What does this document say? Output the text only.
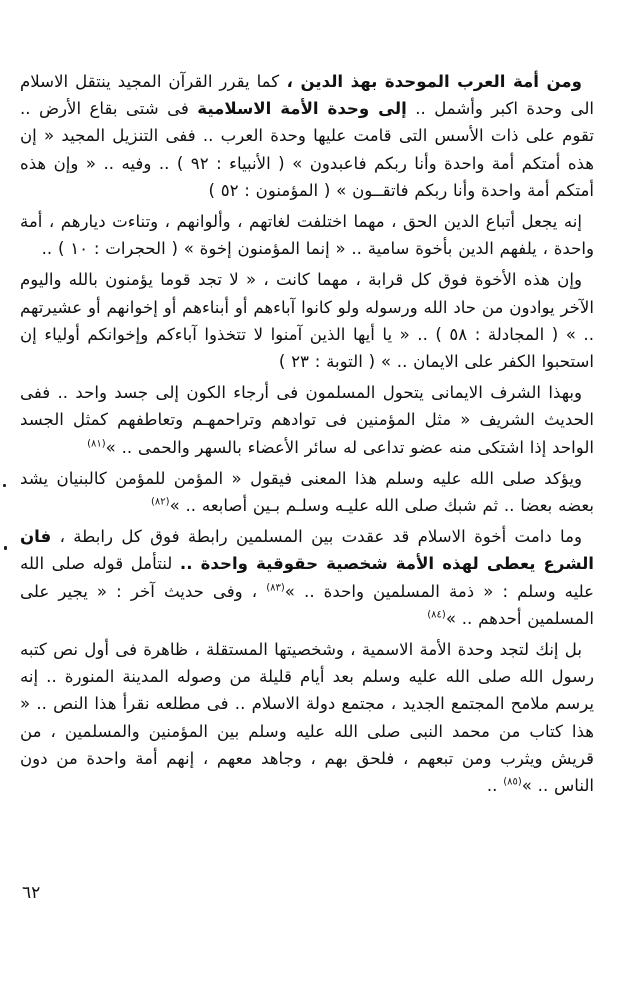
ومن أمة العرب الموحدة بهذ الدين ، كما يقرر القرآن المجيد ينتقل الاسلام الى وحدة اكبر وأشمل .. إلى وحدة الأمة الاسلامية فى شتى بقاع الأرض .. تقوم على ذات الأسس التى قامت عليها وحدة العرب .. ففى التنزيل المجيد « إن هذه أمتكم أمة واحدة وأنا ربكم فاعبدون » ( الأنبياء : ٩٢ ) .. وفيه .. « وإن هذه أمتكم أمة واحدة وأنا ربكم فاتقــون » ( المؤمنون : ٥٢ )

إنه يجعل أتباع الدين الحق ، مهما اختلفت لغاتهم ، وألوانهم ، وتناءت ديارهم ، أمة واحدة ، يلفهم الدين بأخوة سامية .. « إنما المؤمنون إخوة » ( الحجرات : ١٠ ) ..

وإن هذه الأخوة فوق كل قرابة ، مهما كانت ، « لا تجد قوما يؤمنون بالله واليوم الآخر يوادون من حاد الله ورسوله ولو كانوا آباءهم أو أبناءهم أو إخوانهم أو عشيرتهم .. » ( المجادلة : ٥٨ ) .. « يا أيها الذين آمنوا لا تتخذوا آباءكم وإخوانكم أولياء إن استحبوا الكفر على الايمان .. » ( التوبة : ٢٣ )

وبهذا الشرف الايمانى يتحول المسلمون فى أرجاء الكون إلى جسد واحد .. ففى الحديث الشريف « مثل المؤمنين فى توادهم وتراحمهـم وتعاطفهم كمثل الجسد الواحد إذا اشتكى منه عضو تداعى له سائر الأعضاء بالسهر والحمى .. »$^{(٨١)}$

ويؤكد صلى الله عليه وسلم هذا المعنى فيقول « المؤمن للمؤمن كالبنيان يشد بعضه بعضا .. ثم شبك صلى الله عليـه وسلـم بـين أصابعه .. »$^{(٨٢)}$

وما دامت أخوة الاسلام قد عقدت بين المسلمين رابطة فوق كل رابطة ، فان الشرع يعطى لهذه الأمة شخصية حقوقية واحدة .. لنتأمل قوله صلى الله عليه وسلم : « ذمة المسلمين واحدة .. »$^{(٨٣)}$ ، وفى حديث آخر : « يجير على المسلمين أحدهم .. »$^{(٨٤)}$

بل إنك لتجد وحدة الأمة الاسمية ، وشخصيتها المستقلة ، ظاهرة فى أول نص كتبه رسول الله صلى الله عليه وسلم بعد أيام قليلة من وصوله المدينة المنورة .. إنه يرسم ملامح المجتمع الجديد ، مجتمع دولة الاسلام .. فى مطلعه نقرأ هذا النص .. « هذا كتاب من محمد النبى صلى الله عليه وسلم بين المؤمنين والمسلمين ، من قريش ويثرب ومن تبعهم ، فلحق بهم ، وجاهد معهم ، إنهم أمة واحدة من دون الناس .. »$^{(٨٥)}$ ..

٦٢
